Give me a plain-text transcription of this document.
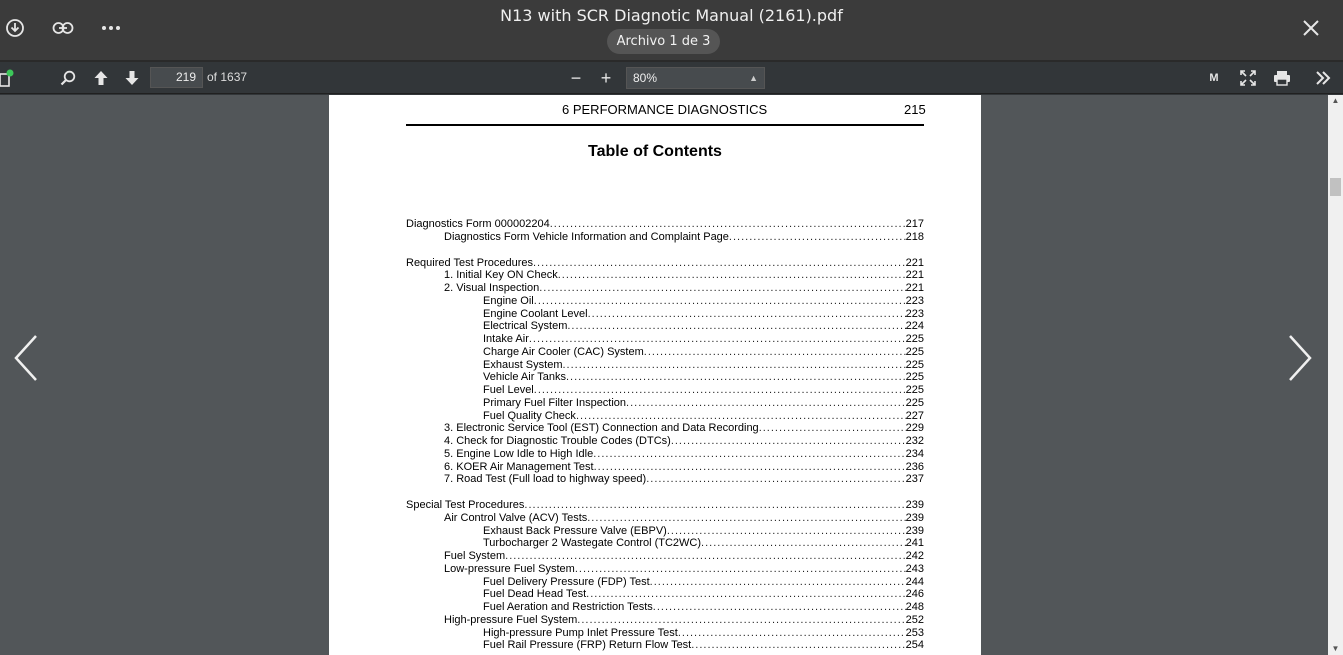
N13 with SCR Diagnotic Manual (2161).pdf
Archivo 1 de 3
219 of 1637	− +	80%	▲	M
6 PERFORMANCE DIAGNOSTICS	215
Table of Contents
Diagnostics Form 000002204 .....	217
Diagnostics Form Vehicle Information and Complaint Page .....	218
Required Test Procedures .....	221
1. Initial Key ON Check .....	221
2. Visual Inspection .....	221
Engine Oil .....	223
Engine Coolant Level .....	223
Electrical System .....	224
Intake Air .....	225
Charge Air Cooler (CAC) System .....	225
Exhaust System .....	225
Vehicle Air Tanks .....	225
Fuel Level .....	225
Primary Fuel Filter Inspection .....	225
Fuel Quality Check .....	227
3. Electronic Service Tool (EST) Connection and Data Recording .....	229
4. Check for Diagnostic Trouble Codes (DTCs) .....	232
5. Engine Low Idle to High Idle .....	234
6. KOER Air Management Test .....	236
7. Road Test (Full load to highway speed) .....	237
Special Test Procedures .....	239
Air Control Valve (ACV) Tests .....	239
Exhaust Back Pressure Valve (EBPV) .....	239
Turbocharger 2 Wastegate Control (TC2WC) .....	241
Fuel System .....	242
Low-pressure Fuel System .....	243
Fuel Delivery Pressure (FDP) Test .....	244
Fuel Dead Head Test .....	246
Fuel Aeration and Restriction Tests .....	248
High-pressure Fuel System .....	252
High-pressure Pump Inlet Pressure Test .....	253
Fuel Rail Pressure (FRP) Return Flow Test .....	254
▲
▼
